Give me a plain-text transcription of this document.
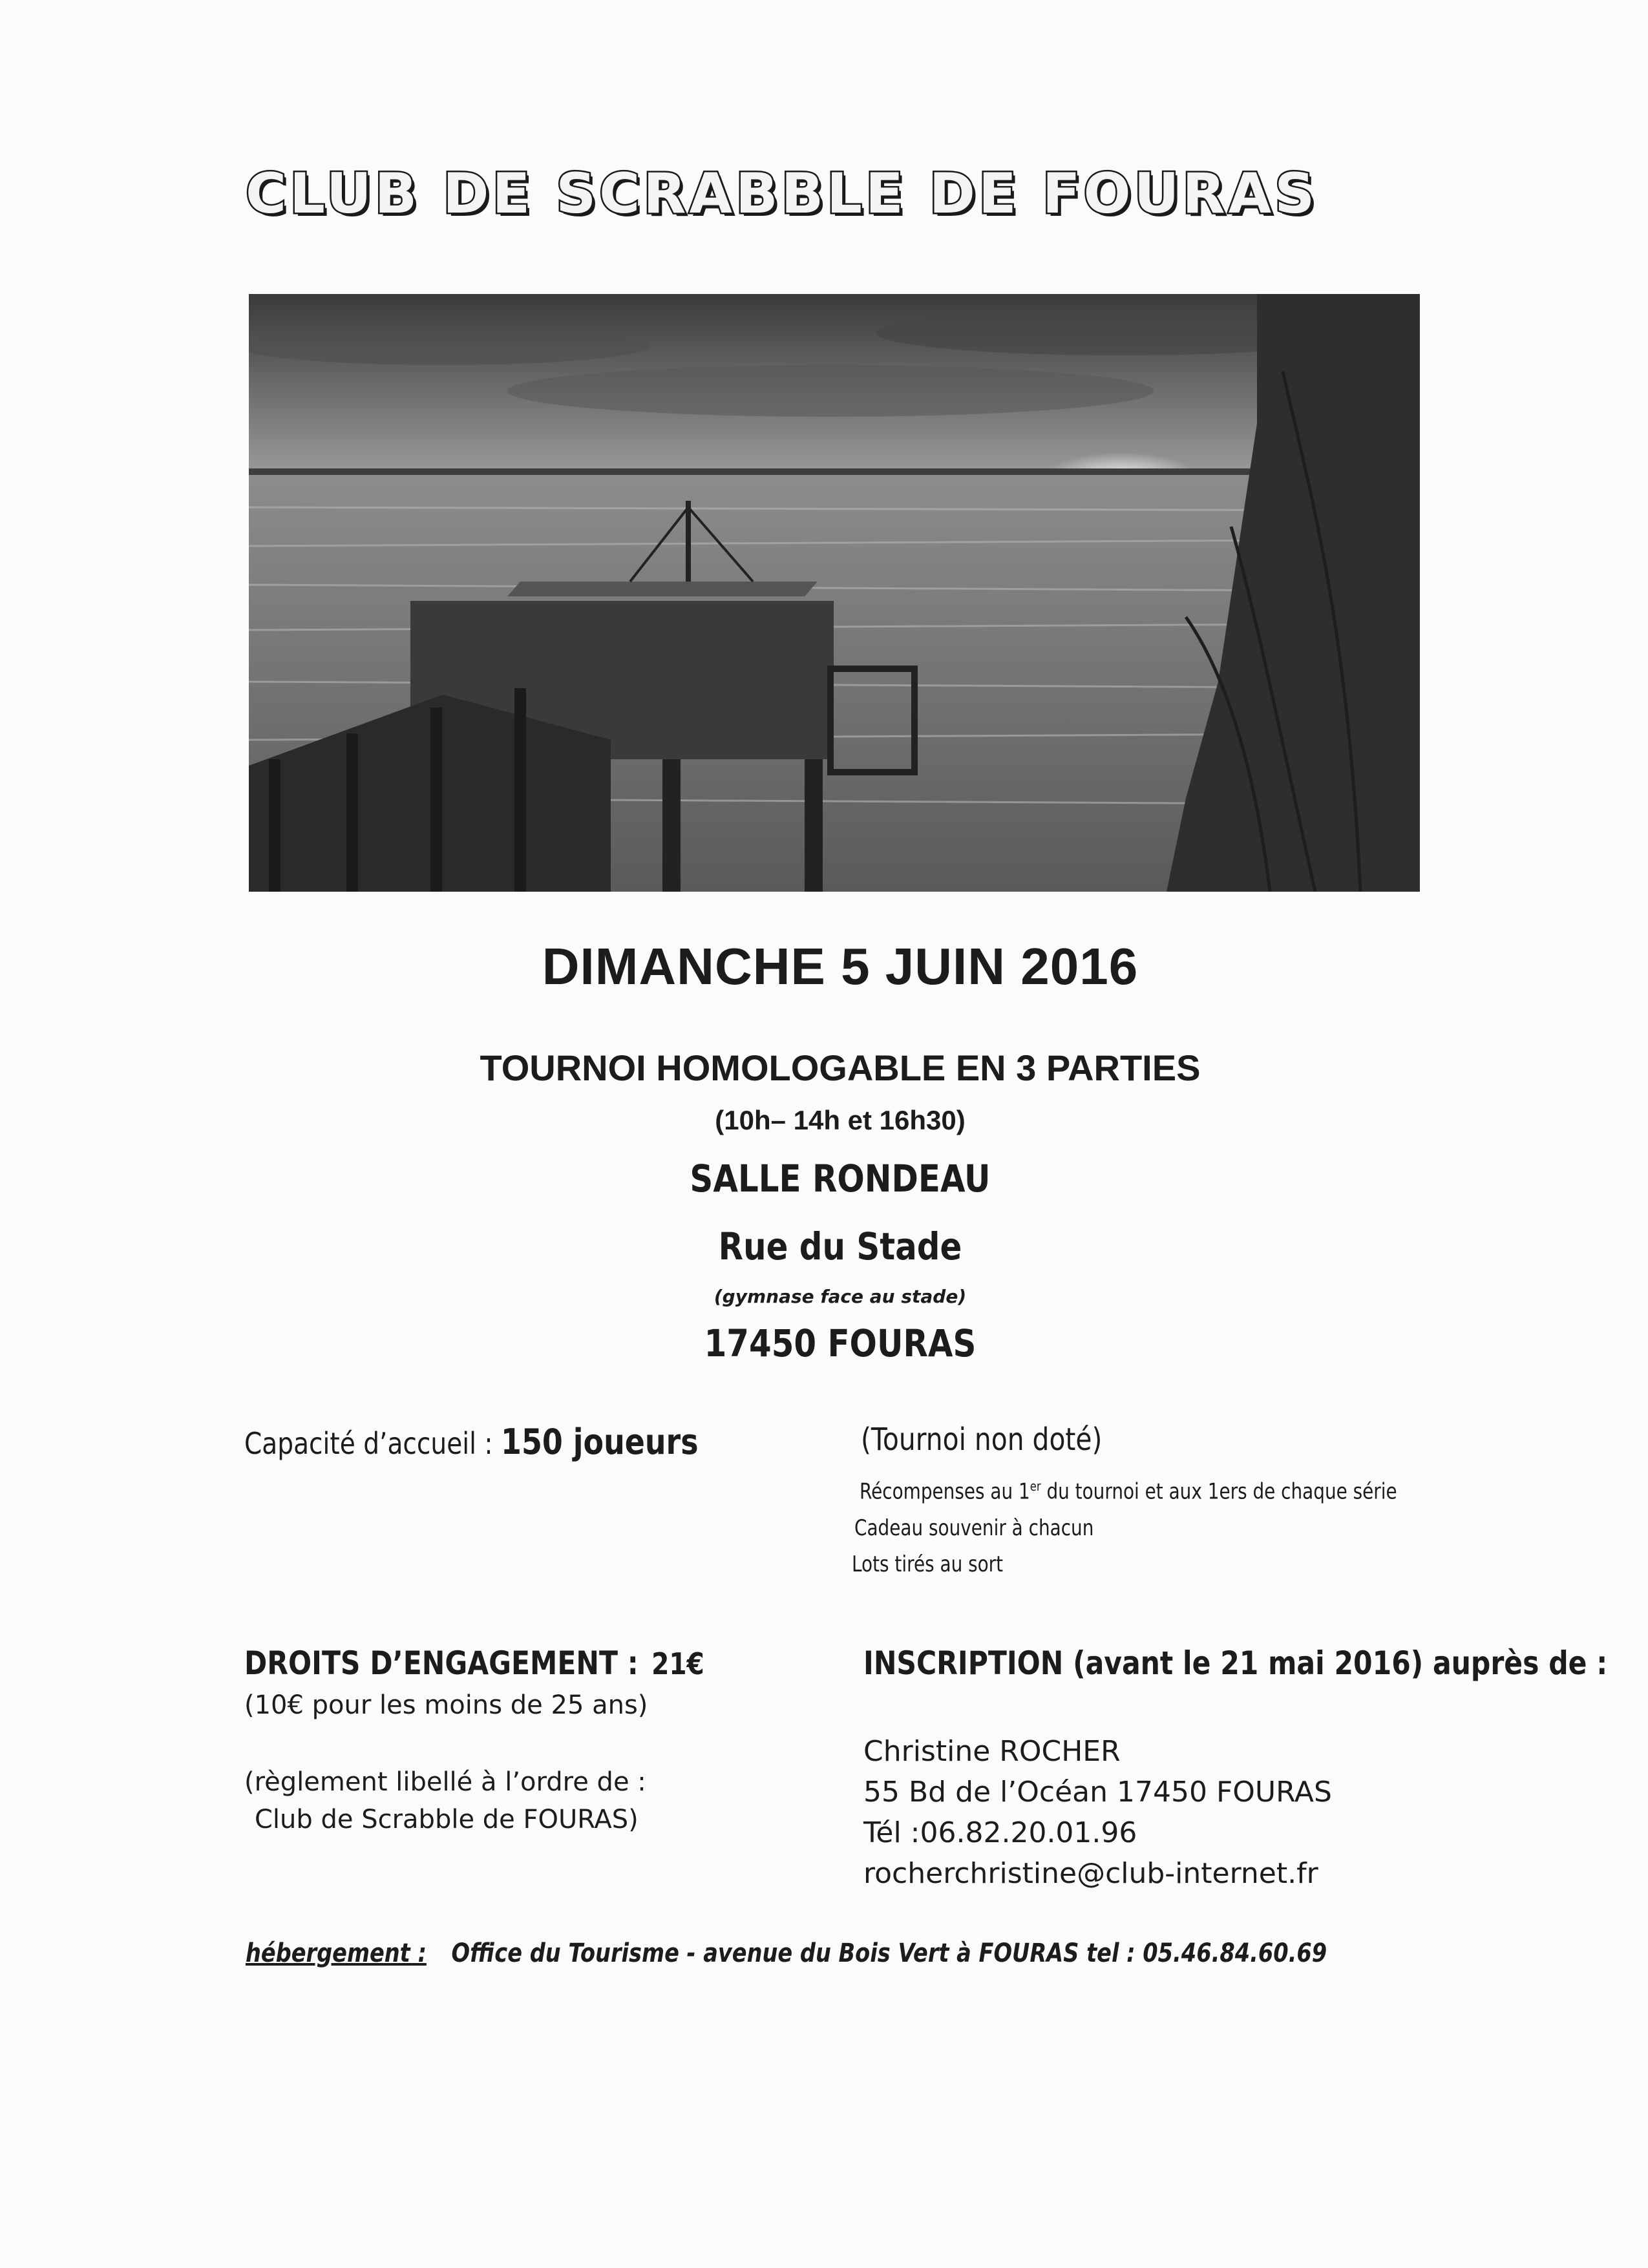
CLUB DE SCRABBLE DE FOURAS
DIMANCHE 5 JUIN 2016
TOURNOI HOMOLOGABLE EN 3 PARTIES
(10h– 14h et 16h30)
SALLE RONDEAU
Rue du Stade
(gymnase face au stade)
17450 FOURAS
Capacité d’accueil : 150 joueurs	(Tournoi non doté)
Récompenses au 1er du tournoi et aux 1ers de chaque série
Cadeau souvenir à chacun
Lots tirés au sort
DROITS D’ENGAGEMENT : 21€
(10€ pour les moins de 25 ans)
(règlement libellé à l’ordre de :
Club de Scrabble de FOURAS)
INSCRIPTION (avant le 21 mai 2016) auprès de :
Christine ROCHER
55 Bd de l’Océan 17450 FOURAS
Tél :06.82.20.01.96
rocherchristine@club-internet.fr
hébergement : Office du Tourisme - avenue du Bois Vert à FOURAS tel : 05.46.84.60.69
